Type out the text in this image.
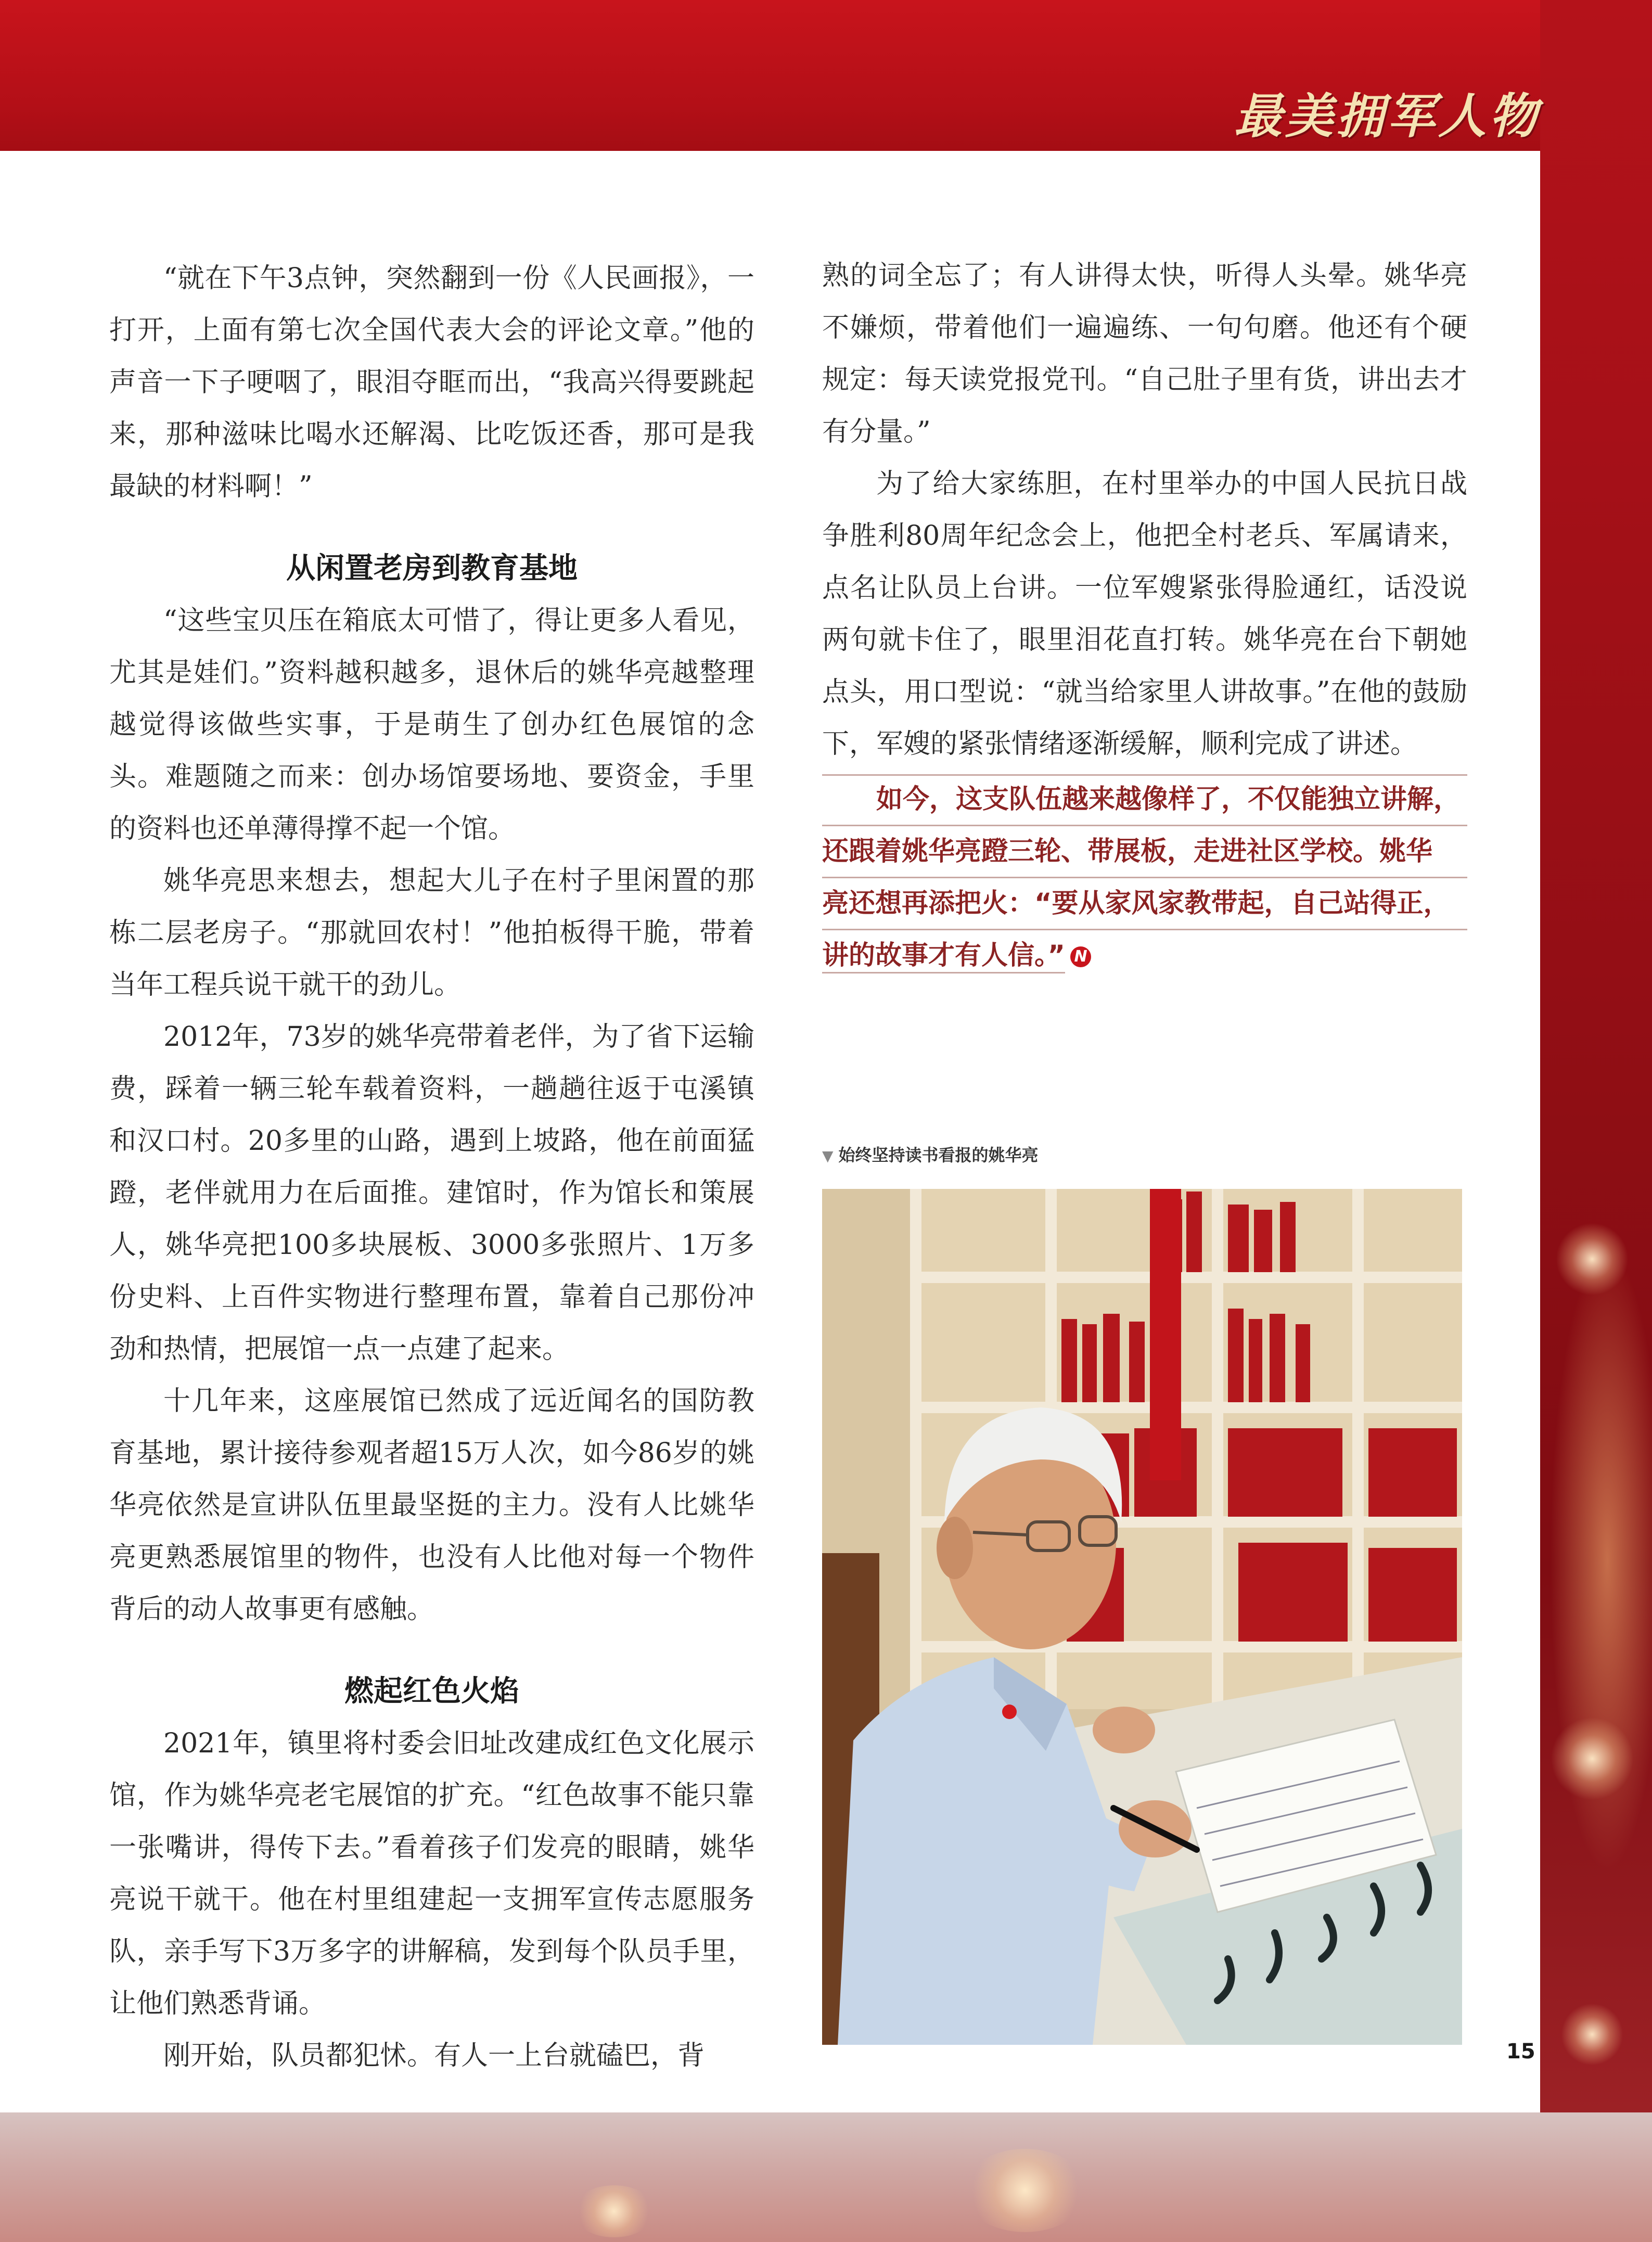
最美拥军人物

“就在下午3点钟，突然翻到一份《人民画报》，一打开，上面有第七次全国代表大会的评论文章。”他的声音一下子哽咽了，眼泪夺眶而出，“我高兴得要跳起来，那种滋味比喝水还解渴、比吃饭还香，那可是我最缺的材料啊！”

从闲置老房到教育基地

“这些宝贝压在箱底太可惜了，得让更多人看见，尤其是娃们。”资料越积越多，退休后的姚华亮越整理越觉得该做些实事，于是萌生了创办红色展馆的念头。难题随之而来：创办场馆要场地、要资金，手里的资料也还单薄得撑不起一个馆。

姚华亮思来想去，想起大儿子在村子里闲置的那栋二层老房子。“那就回农村！”他拍板得干脆，带着当年工程兵说干就干的劲儿。

2012年，73岁的姚华亮带着老伴，为了省下运输费，踩着一辆三轮车载着资料，一趟趟往返于屯溪镇和汉口村。20多里的山路，遇到上坡路，他在前面猛蹬，老伴就用力在后面推。建馆时，作为馆长和策展人，姚华亮把100多块展板、3000多张照片、1万多份史料、上百件实物进行整理布置，靠着自己那份冲劲和热情，把展馆一点一点建了起来。

十几年来，这座展馆已然成了远近闻名的国防教育基地，累计接待参观者超15万人次，如今86岁的姚华亮依然是宣讲队伍里最坚挺的主力。没有人比姚华亮更熟悉展馆里的物件，也没有人比他对每一个物件背后的动人故事更有感触。

燃起红色火焰

2021年，镇里将村委会旧址改建成红色文化展示馆，作为姚华亮老宅展馆的扩充。“红色故事不能只靠一张嘴讲，得传下去。”看着孩子们发亮的眼睛，姚华亮说干就干。他在村里组建起一支拥军宣传志愿服务队，亲手写下3万多字的讲解稿，发到每个队员手里，让他们熟悉背诵。

刚开始，队员都犯怵。有人一上台就磕巴，背

熟的词全忘了；有人讲得太快，听得人头晕。姚华亮不嫌烦，带着他们一遍遍练、一句句磨。他还有个硬规定：每天读党报党刊。“自己肚子里有货，讲出去才有分量。”

为了给大家练胆，在村里举办的中国人民抗日战争胜利80周年纪念会上，他把全村老兵、军属请来，点名让队员上台讲。一位军嫂紧张得脸通红，话没说两句就卡住了，眼里泪花直打转。姚华亮在台下朝她点头，用口型说：“就当给家里人讲故事。”在他的鼓励下，军嫂的紧张情绪逐渐缓解，顺利完成了讲述。

如今，这支队伍越来越像样了，不仅能独立讲解，
还跟着姚华亮蹬三轮、带展板，走进社区学校。姚华
亮还想再添把火：“要从家风家教带起，自己站得正，
讲的故事才有人信。” N
▼ 始终坚持读书看报的姚华亮
15
